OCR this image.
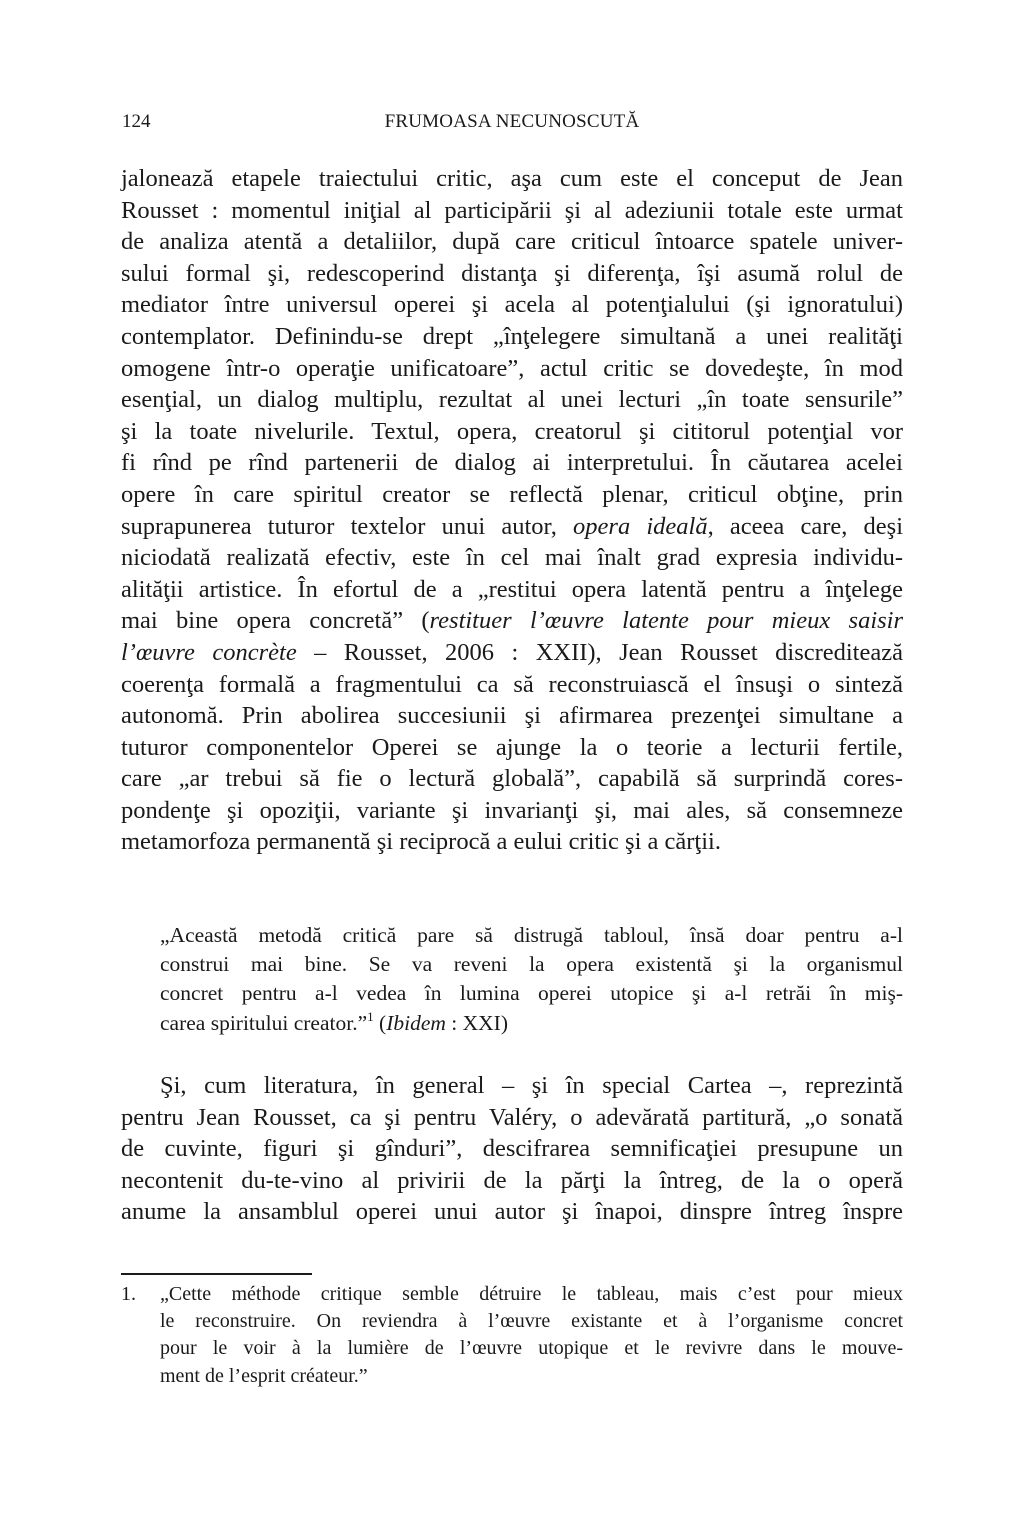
124	FRUMOASA NECUNOSCUTĂ
jalonează etapele traiectului critic, aşa cum este el conceput de Jean
Rousset : momentul iniţial al participării şi al adeziunii totale este urmat
de analiza atentă a detaliilor, după care criticul întoarce spatele univer-
sului formal şi, redescoperind distanţa şi diferenţa, îşi asumă rolul de
mediator între universul operei şi acela al potenţialului (şi ignoratului)
contemplator. Definindu-se drept „înţelegere simultană a unei realităţi
omogene într-o operaţie unificatoare”, actul critic se dovedeşte, în mod
esenţial, un dialog multiplu, rezultat al unei lecturi „în toate sensurile”
şi la toate nivelurile. Textul, opera, creatorul şi cititorul potenţial vor
fi rînd pe rînd partenerii de dialog ai interpretului. În căutarea acelei
opere în care spiritul creator se reflectă plenar, criticul obţine, prin
suprapunerea tuturor textelor unui autor, opera ideală, aceea care, deşi
niciodată realizată efectiv, este în cel mai înalt grad expresia individu-
alităţii artistice. În efortul de a „restitui opera latentă pentru a înţelege
mai bine opera concretă” (restituer l’œuvre latente pour mieux saisir
l’œuvre concrète – Rousset, 2006 : XXII), Jean Rousset discreditează
coerenţa formală a fragmentului ca să reconstruiască el însuşi o sinteză
autonomă. Prin abolirea succesiunii şi afirmarea prezenţei simultane a
tuturor componentelor Operei se ajunge la o teorie a lecturii fertile,
care „ar trebui să fie o lectură globală”, capabilă să surprindă cores-
pondenţe şi opoziţii, variante şi invarianţi şi, mai ales, să consemneze
metamorfoza permanentă şi reciprocă a eului critic şi a cărţii.
„Această metodă critică pare să distrugă tabloul, însă doar pentru a-l
construi mai bine. Se va reveni la opera existentă şi la organismul
concret pentru a-l vedea în lumina operei utopice şi a-l retrăi în miş-
carea spiritului creator.”$^1$ (Ibidem : XXI)
Şi, cum literatura, în general – şi în special Cartea –, reprezintă
pentru Jean Rousset, ca şi pentru Valéry, o adevărată partitură, „o sonată
de cuvinte, figuri şi gînduri”, descifrarea semnificaţiei presupune un
necontenit du-te-vino al privirii de la părţi la întreg, de la o operă
anume la ansamblul operei unui autor şi înapoi, dinspre întreg înspre
1. „Cette méthode critique semble détruire le tableau, mais c’est pour mieux
le reconstruire. On reviendra à l’œuvre existante et à l’organisme concret
pour le voir à la lumière de l’œuvre utopique et le revivre dans le mouve-
ment de l’esprit créateur.”
